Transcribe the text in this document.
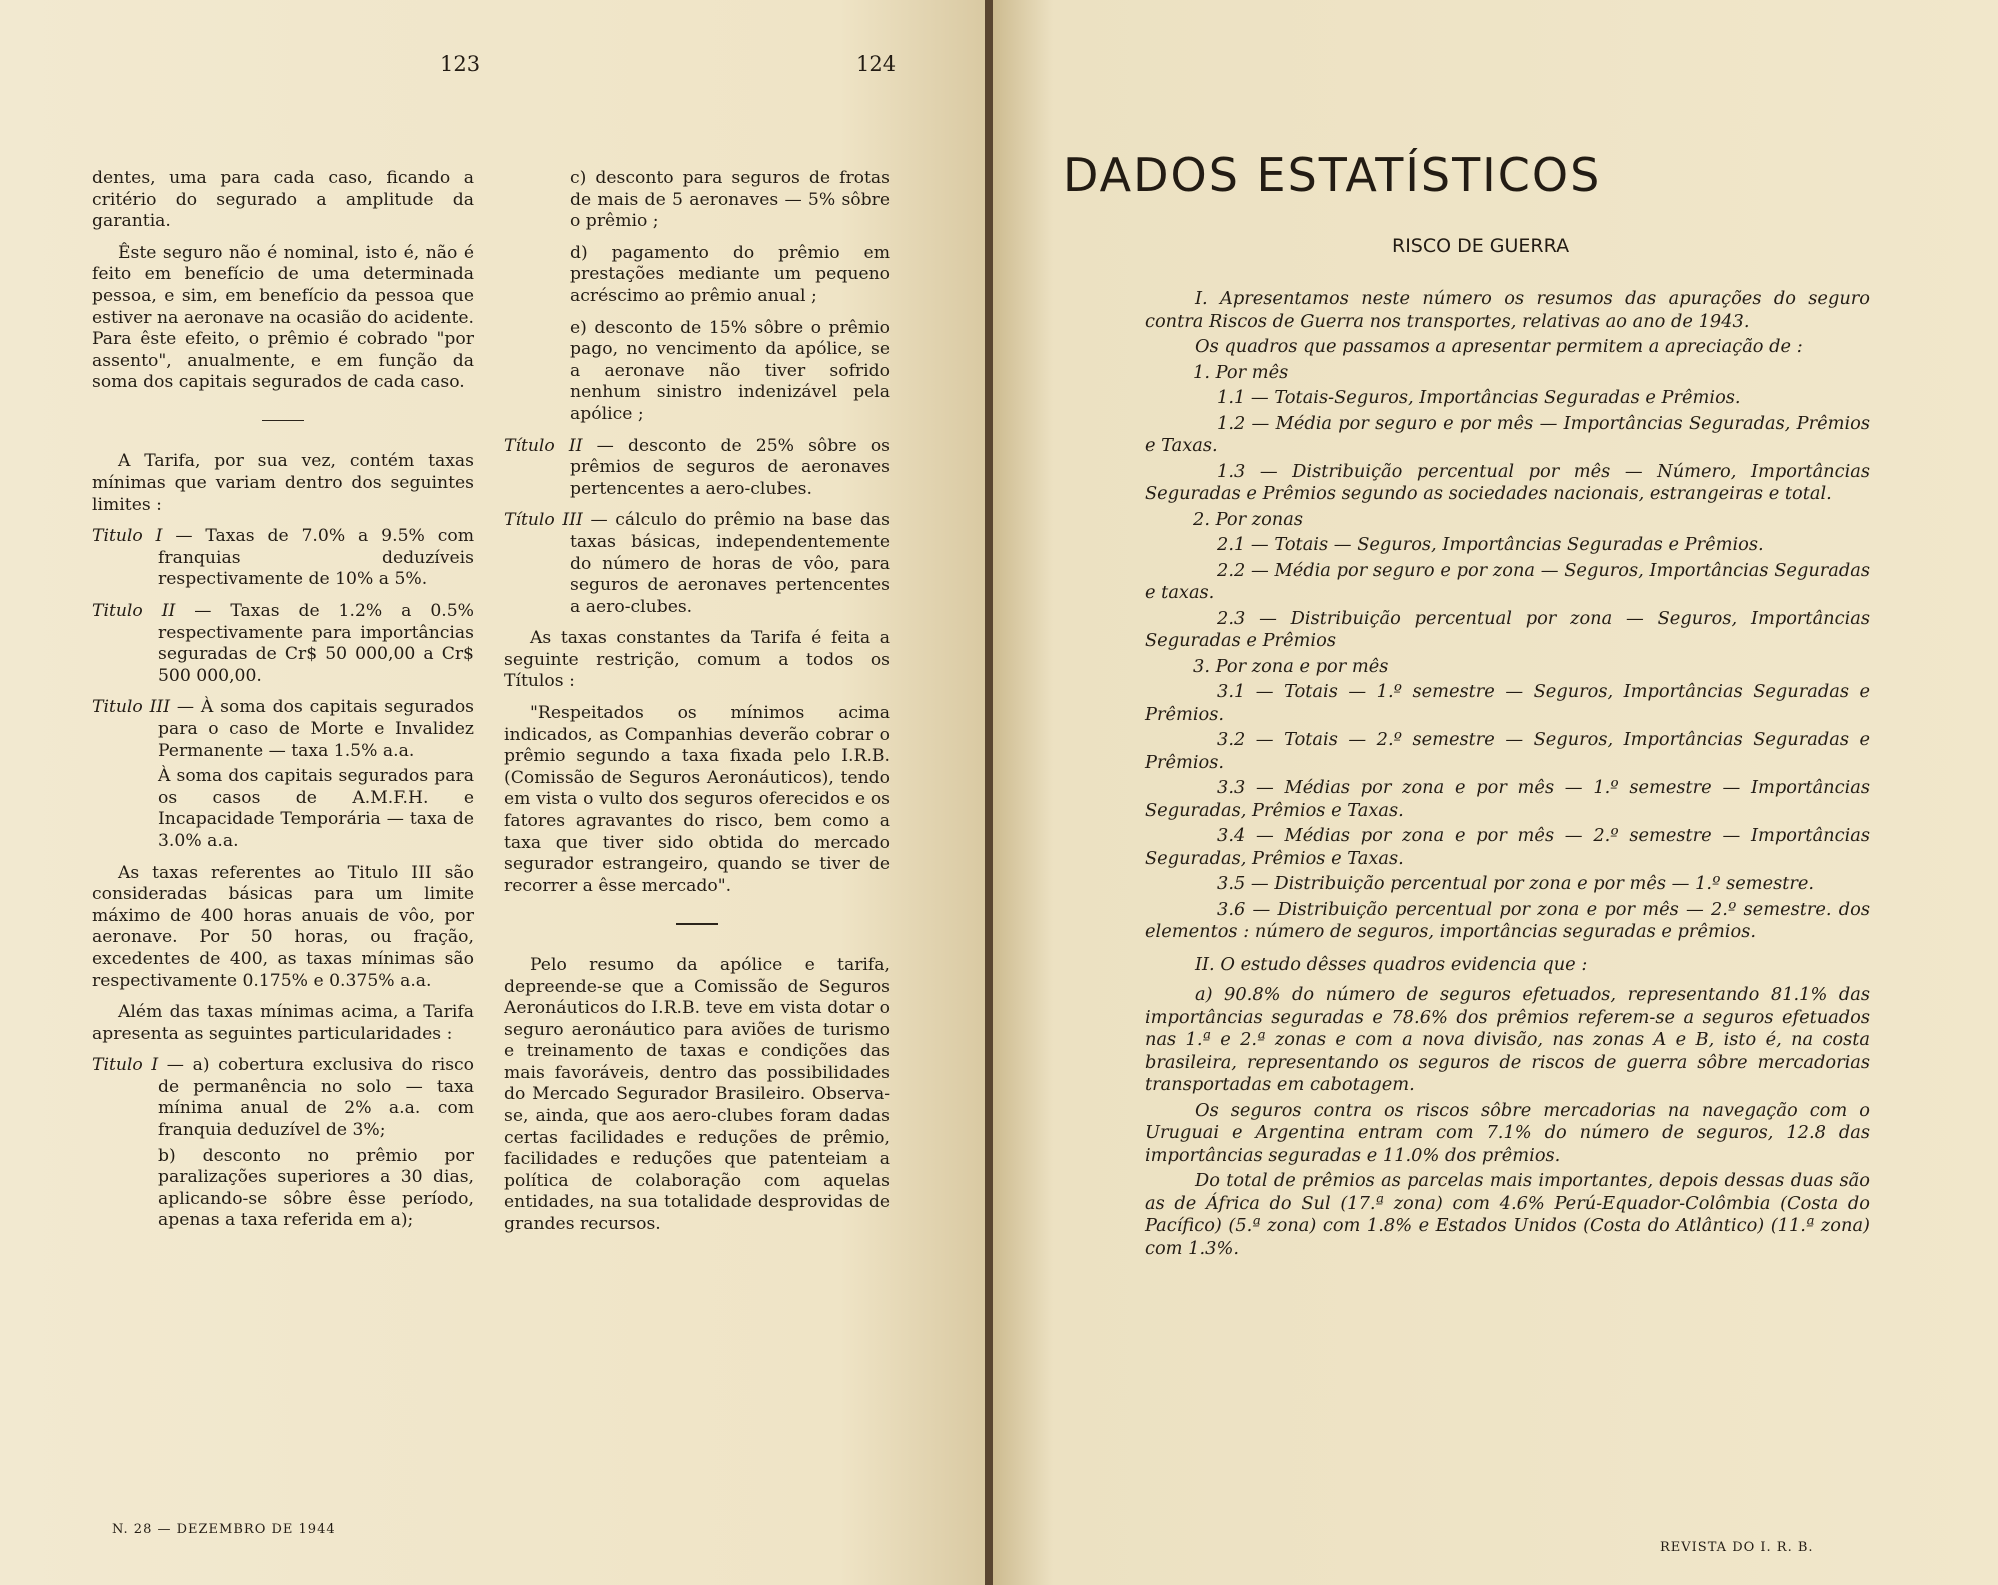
123	124

dentes, uma para cada caso, ficando a critério do segurado a amplitude da garantia.

Êste seguro não é nominal, isto é, não é feito em benefício de uma determinada pessoa, e sim, em benefício da pessoa que estiver na aeronave na ocasião do acidente. Para êste efeito, o prêmio é cobrado "por assento", anualmente, e em função da soma dos capitais segurados de cada caso.

A Tarifa, por sua vez, contém taxas mínimas que variam dentro dos seguintes limites :

Titulo I — Taxas de 7.0% a 9.5% com franquias deduzíveis respectivamente de 10% a 5%.

Titulo II — Taxas de 1.2% a 0.5% respectivamente para importâncias seguradas de Cr$ 50 000,00 a Cr$ 500 000,00.

Titulo III — À soma dos capitais segurados para o caso de Morte e Invalidez Permanente — taxa 1.5% a.a.

À soma dos capitais segurados para os casos de A.M.F.H. e Incapacidade Temporária — taxa de 3.0% a.a.

As taxas referentes ao Titulo III são consideradas básicas para um limite máximo de 400 horas anuais de vôo, por aeronave. Por 50 horas, ou fração, excedentes de 400, as taxas mínimas são respectivamente 0.175% e 0.375% a.a.

Além das taxas mínimas acima, a Tarifa apresenta as seguintes particularidades :

Titulo I — a) cobertura exclusiva do risco de permanência no solo — taxa mínima anual de 2% a.a. com franquia deduzível de 3%;

b) desconto no prêmio por paralizações superiores a 30 dias, aplicando-se sôbre êsse período, apenas a taxa referida em a);

c) desconto para seguros de frotas de mais de 5 aeronaves — 5% sôbre o prêmio ;

d) pagamento do prêmio em prestações mediante um pequeno acréscimo ao prêmio anual ;

e) desconto de 15% sôbre o prêmio pago, no vencimento da apólice, se a aeronave não tiver sofrido nenhum sinistro indenizável pela apólice ;

Título II — desconto de 25% sôbre os prêmios de seguros de aeronaves pertencentes a aero-clubes.

Título III — cálculo do prêmio na base das taxas básicas, independentemente do número de horas de vôo, para seguros de aeronaves pertencentes a aero-clubes.

As taxas constantes da Tarifa é feita a seguinte restrição, comum a todos os Títulos :

"Respeitados os mínimos acima indicados, as Companhias deverão cobrar o prêmio segundo a taxa fixada pelo I.R.B. (Comissão de Seguros Aeronáuticos), tendo em vista o vulto dos seguros oferecidos e os fatores agravantes do risco, bem como a taxa que tiver sido obtida do mercado segurador estrangeiro, quando se tiver de recorrer a êsse mercado".

Pelo resumo da apólice e tarifa, depreende-se que a Comissão de Seguros Aeronáuticos do I.R.B. teve em vista dotar o seguro aeronáutico para aviões de turismo e treinamento de taxas e condições das mais favoráveis, dentro das possibilidades do Mercado Segurador Brasileiro. Observa-se, ainda, que aos aero-clubes foram dadas certas facilidades e reduções de prêmio, facilidades e reduções que patenteiam a política de colaboração com aquelas entidades, na sua totalidade desprovidas de grandes recursos.

N. 28 — DEZEMBRO DE 1944
DADOS ESTATÍSTICOS
RISCO DE GUERRA

I. Apresentamos neste número os resumos das apurações do seguro contra Riscos de Guerra nos transportes, relativas ao ano de 1943.

Os quadros que passamos a apresentar permitem a apreciação de :

1. Por mês

1.1 — Totais-Seguros, Importâncias Seguradas e Prêmios.

1.2 — Média por seguro e por mês — Importâncias Seguradas, Prêmios e Taxas.

1.3 — Distribuição percentual por mês — Número, Importâncias Seguradas e Prêmios segundo as sociedades nacionais, estrangeiras e total.

2. Por zonas

2.1 — Totais — Seguros, Importâncias Seguradas e Prêmios.

2.2 — Média por seguro e por zona — Seguros, Importâncias Seguradas e taxas.

2.3 — Distribuição percentual por zona — Seguros, Importâncias Seguradas e Prêmios

3. Por zona e por mês

3.1 — Totais — 1.º semestre — Seguros, Importâncias Seguradas e Prêmios.

3.2 — Totais — 2.º semestre — Seguros, Importâncias Seguradas e Prêmios.

3.3 — Médias por zona e por mês — 1.º semestre — Importâncias Seguradas, Prêmios e Taxas.

3.4 — Médias por zona e por mês — 2.º semestre — Importâncias Seguradas, Prêmios e Taxas.

3.5 — Distribuição percentual por zona e por mês — 1.º semestre.

3.6 — Distribuição percentual por zona e por mês — 2.º semestre. dos elementos : número de seguros, importâncias seguradas e prêmios.

II. O estudo dêsses quadros evidencia que :

a) 90.8% do número de seguros efetuados, representando 81.1% das importâncias seguradas e 78.6% dos prêmios referem-se a seguros efetuados nas 1.ª e 2.ª zonas e com a nova divisão, nas zonas A e B, isto é, na costa brasileira, representando os seguros de riscos de guerra sôbre mercadorias transportadas em cabotagem.

Os seguros contra os riscos sôbre mercadorias na navegação com o Uruguai e Argentina entram com 7.1% do número de seguros, 12.8 das importâncias seguradas e 11.0% dos prêmios.

Do total de prêmios as parcelas mais importantes, depois dessas duas são as de África do Sul (17.ª zona) com 4.6% Perú-Equador-Colômbia (Costa do Pacífico) (5.ª zona) com 1.8% e Estados Unidos (Costa do Atlântico) (11.ª zona) com 1.3%.

REVISTA DO I. R. B.
